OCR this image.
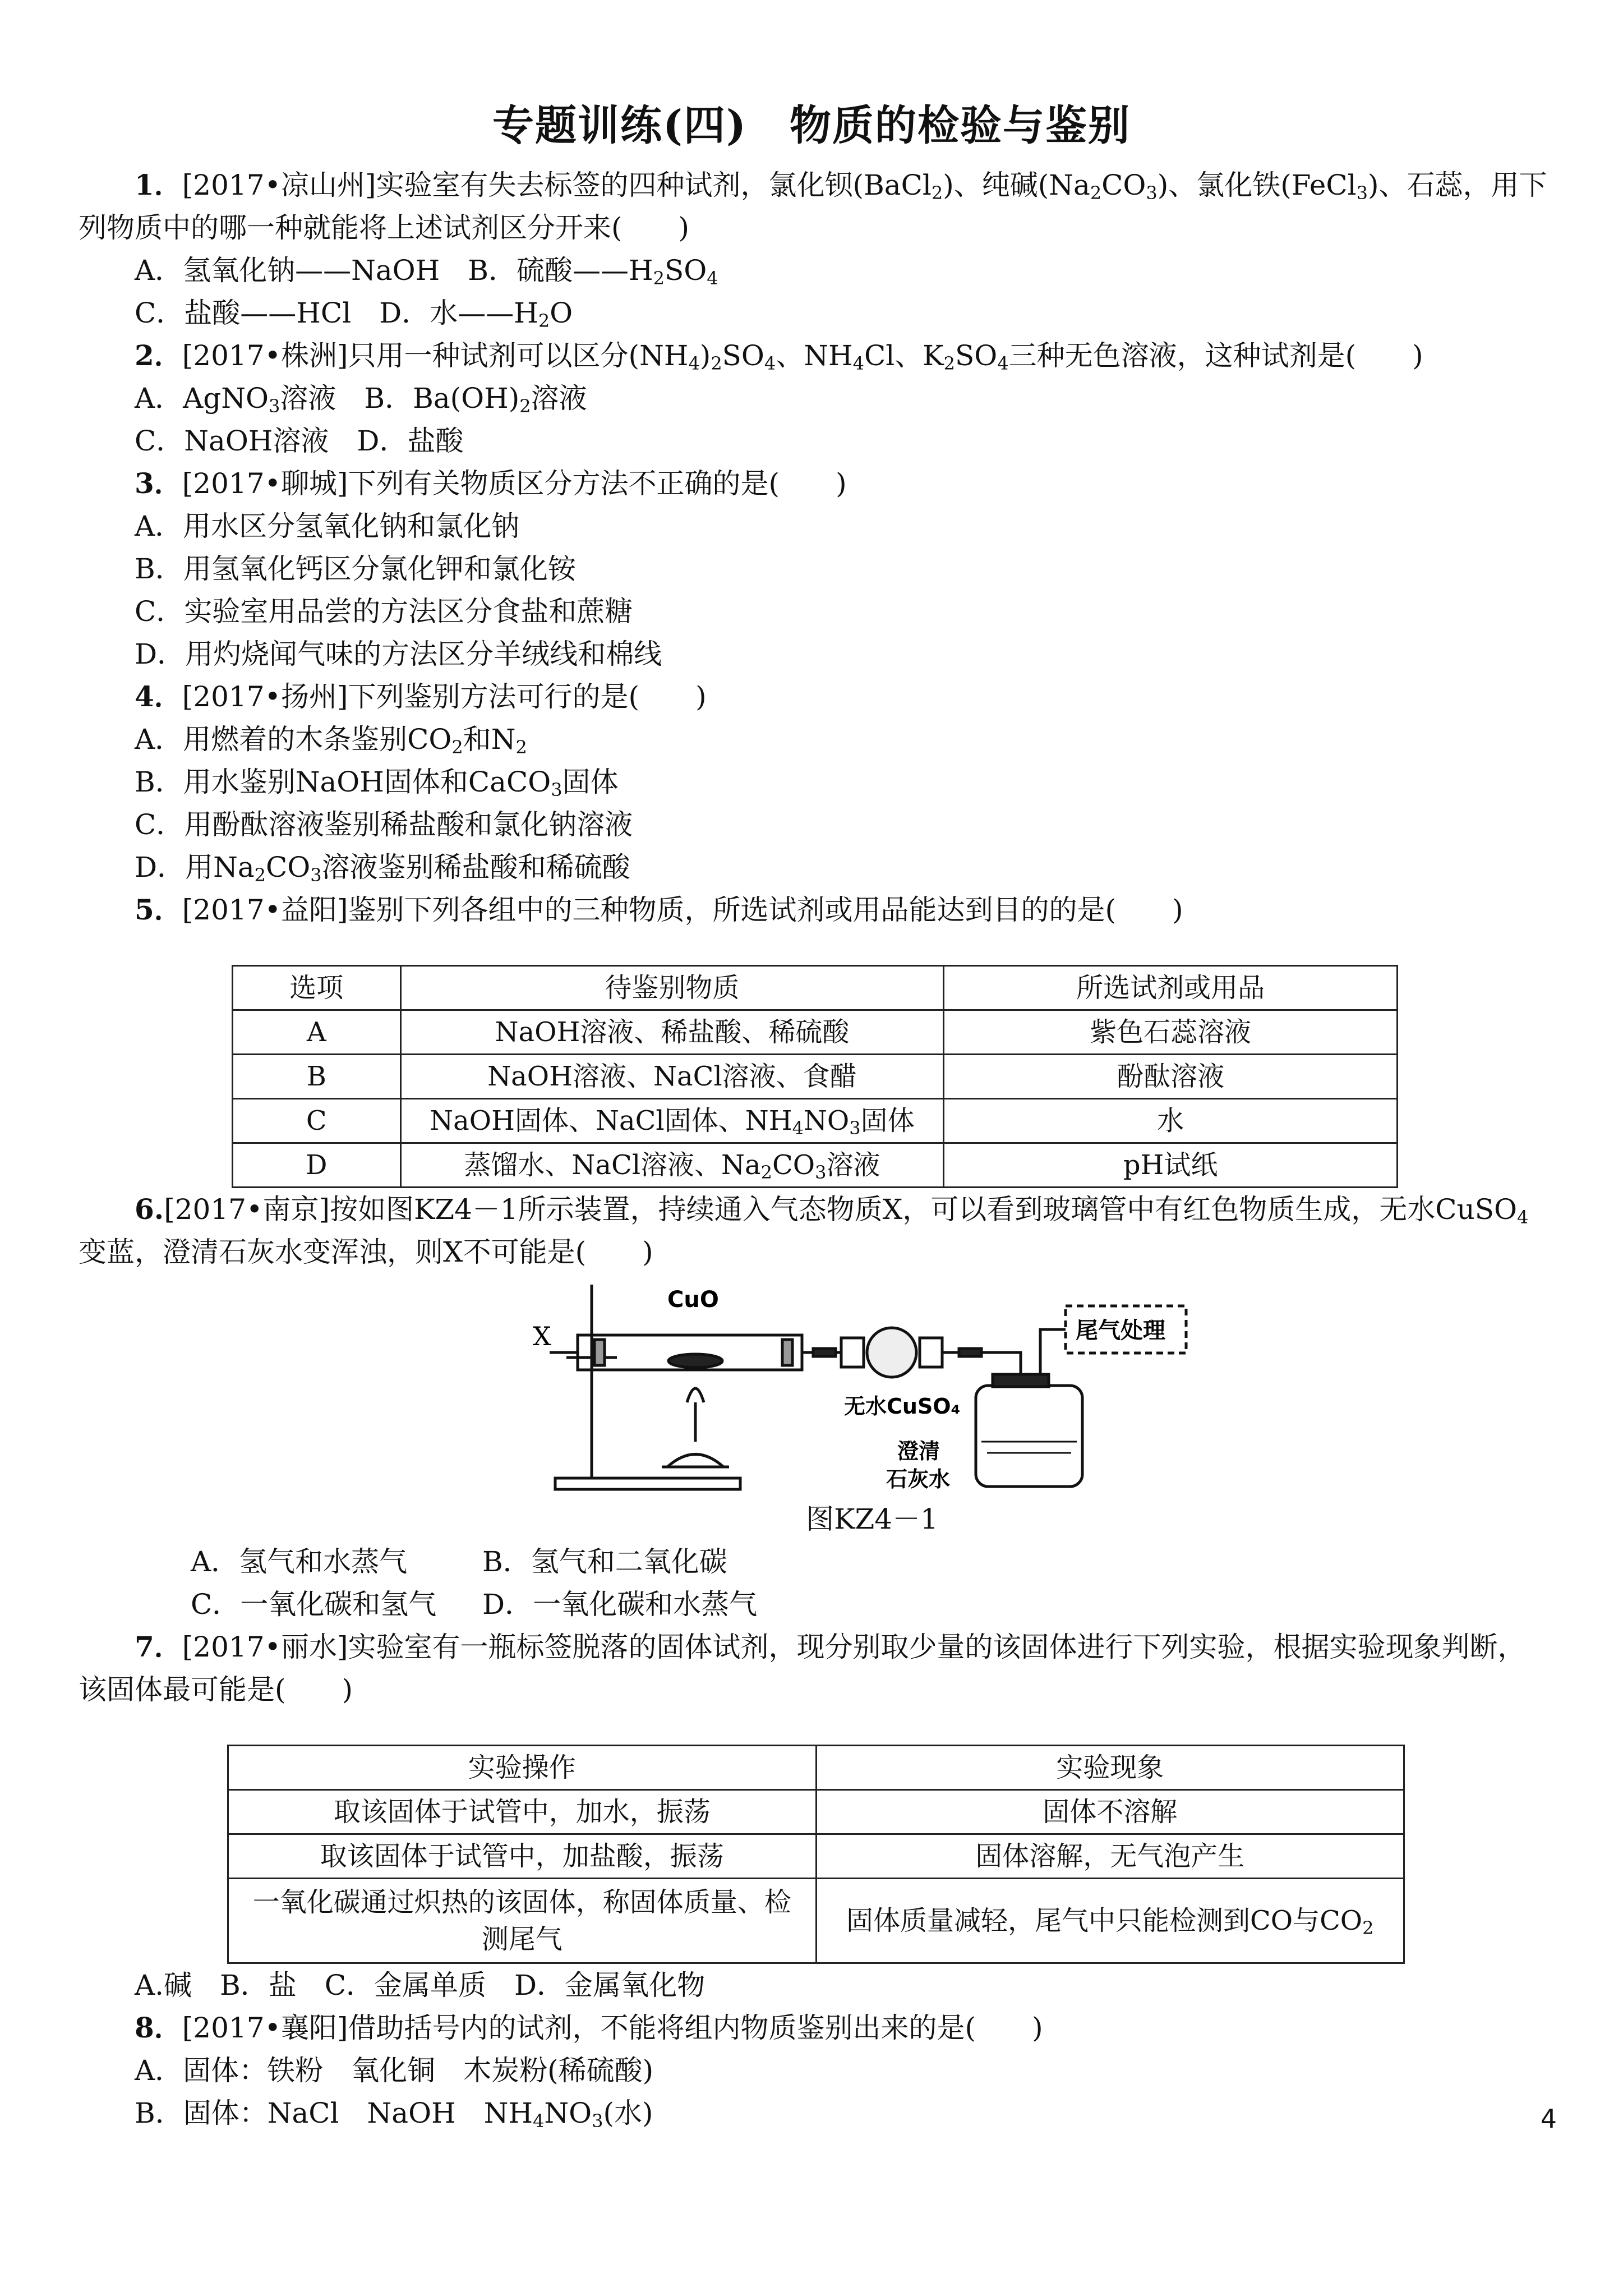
专题训练(四)　物质的检验与鉴别

1．[2017•凉山州]实验室有失去标签的四种试剂，氯化钡(BaCl$_2$)、纯碱$(Na_2CO_3)$、氯化铁(FeCl$_3$)、石蕊，用下列物质中的哪一种就能将上述试剂区分开来(　　)

A．氢氧化钠——NaOH　B．硫酸$——H_2SO_4$

C．盐酸——HCl　D．水$——H_2O$

2．[2017•株洲]只用一种试剂可以区分$(NH_4)_2SO_4$、$NH_4Cl$、$K_2SO_4$三种无色溶液，这种试剂是(　　)

A．AgNO$_3$溶液　B．$Ba(OH)_2$溶液

C．NaOH溶液　D．盐酸

3．[2017•聊城]下列有关物质区分方法不正确的是(　　)

A．用水区分氢氧化钠和氯化钠

B．用氢氧化钙区分氯化钾和氯化铵

C．实验室用品尝的方法区分食盐和蔗糖

D．用灼烧闻气味的方法区分羊绒线和棉线

4．[2017•扬州]下列鉴别方法可行的是(　　)

A．用燃着的木条鉴别$CO_2$和$N_2$

B．用水鉴别NaOH固体和CaCO$_3$固体

C．用酚酞溶液鉴别稀盐酸和氯化钠溶液

D．用$Na_2CO_3$溶液鉴别稀盐酸和稀硫酸

5．[2017•益阳]鉴别下列各组中的三种物质，所选试剂或用品能达到目的的是(　　)

选项	待鉴别物质	所选试剂或用品
A	NaOH溶液、稀盐酸、稀硫酸	紫色石蕊溶液
B	NaOH溶液、NaCl溶液、食醋	酚酞溶液
C	NaOH固体、NaCl固体、$NH_4NO_3$固体	水
D	蒸馏水、NaCl溶液、$Na_2CO_3$溶液	pH试纸

6.[2017•南京]按如图KZ4－1所示装置，持续通入气态物质X，可以看到玻璃管中有红色物质生成，无水CuSO$_4$变蓝，澄清石灰水变浑浊，则X不可能是(　　)

X
CuO
无水CuSO₄
尾气处理
澄清
石灰水

图KZ4－1

A．氢气和水蒸气	B．氢气和二氧化碳

C．一氧化碳和氢气 D．一氧化碳和水蒸气

7．[2017•丽水]实验室有一瓶标签脱落的固体试剂，现分别取少量的该固体进行下列实验，根据实验现象判断，该固体最可能是(　　)

实验操作	实验现象
取该固体于试管中，加水，振荡	固体不溶解
取该固体于试管中，加盐酸，振荡	固体溶解，无气泡产生
一氧化碳通过炽热的该固体，称固体质量、检测尾气	固体质量减轻，尾气中只能检测到CO与$CO_2$

A.碱　B．盐　C．金属单质　D．金属氧化物

8．[2017•襄阳]借助括号内的试剂，不能将组内物质鉴别出来的是(　　)

A．固体：铁粉　氧化铜　木炭粉(稀硫酸)

B．固体：NaCl　NaOH　$NH_4NO_3$(水)	4
